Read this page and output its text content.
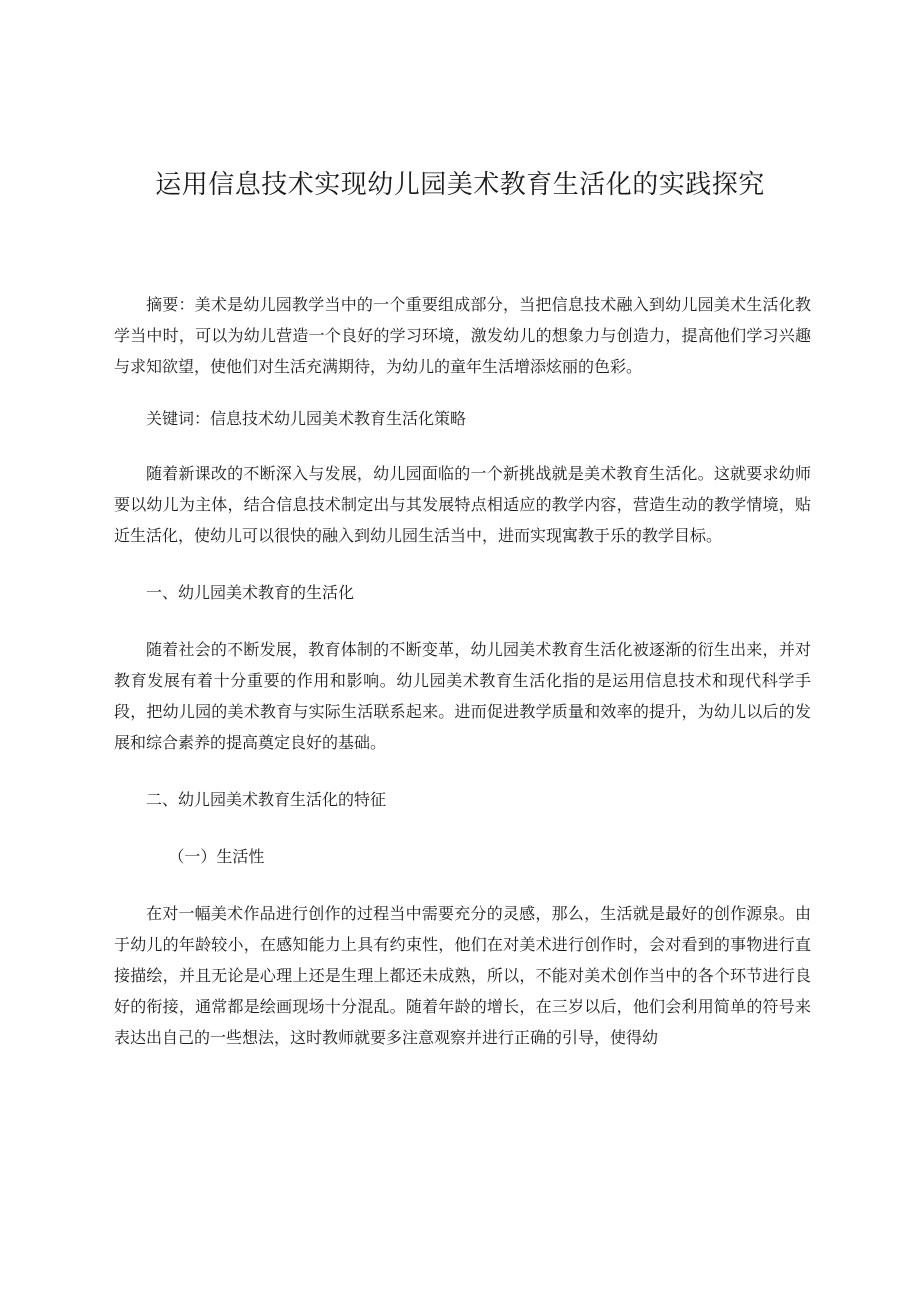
运用信息技术实现幼儿园美术教育生活化的实践探究

摘要：美术是幼儿园教学当中的一个重要组成部分，当把信息技术融入到幼儿园美术生活化教学当中时，可以为幼儿营造一个良好的学习环境，激发幼儿的想象力与创造力，提高他们学习兴趣与求知欲望，使他们对生活充满期待，为幼儿的童年生活增添炫丽的色彩。

关键词：信息技术幼儿园美术教育生活化策略

随着新课改的不断深入与发展，幼儿园面临的一个新挑战就是美术教育生活化。这就要求幼师要以幼儿为主体，结合信息技术制定出与其发展特点相适应的教学内容，营造生动的教学情境，贴近生活化，使幼儿可以很快的融入到幼儿园生活当中，进而实现寓教于乐的教学目标。

一、幼儿园美术教育的生活化

随着社会的不断发展，教育体制的不断变革，幼儿园美术教育生活化被逐渐的衍生出来，并对教育发展有着十分重要的作用和影响。幼儿园美术教育生活化指的是运用信息技术和现代科学手段，把幼儿园的美术教育与实际生活联系起来。进而促进教学质量和效率的提升，为幼儿以后的发展和综合素养的提高奠定良好的基础。

二、幼儿园美术教育生活化的特征

（一）生活性

在对一幅美术作品进行创作的过程当中需要充分的灵感，那么，生活就是最好的创作源泉。由于幼儿的年龄较小，在感知能力上具有约束性，他们在对美术进行创作时，会对看到的事物进行直接描绘，并且无论是心理上还是生理上都还未成熟，所以，不能对美术创作当中的各个环节进行良好的衔接，通常都是绘画现场十分混乱。随着年龄的增长，在三岁以后，他们会利用简单的符号来表达出自己的一些想法，这时教师就要多注意观察并进行正确的引导，使得幼
